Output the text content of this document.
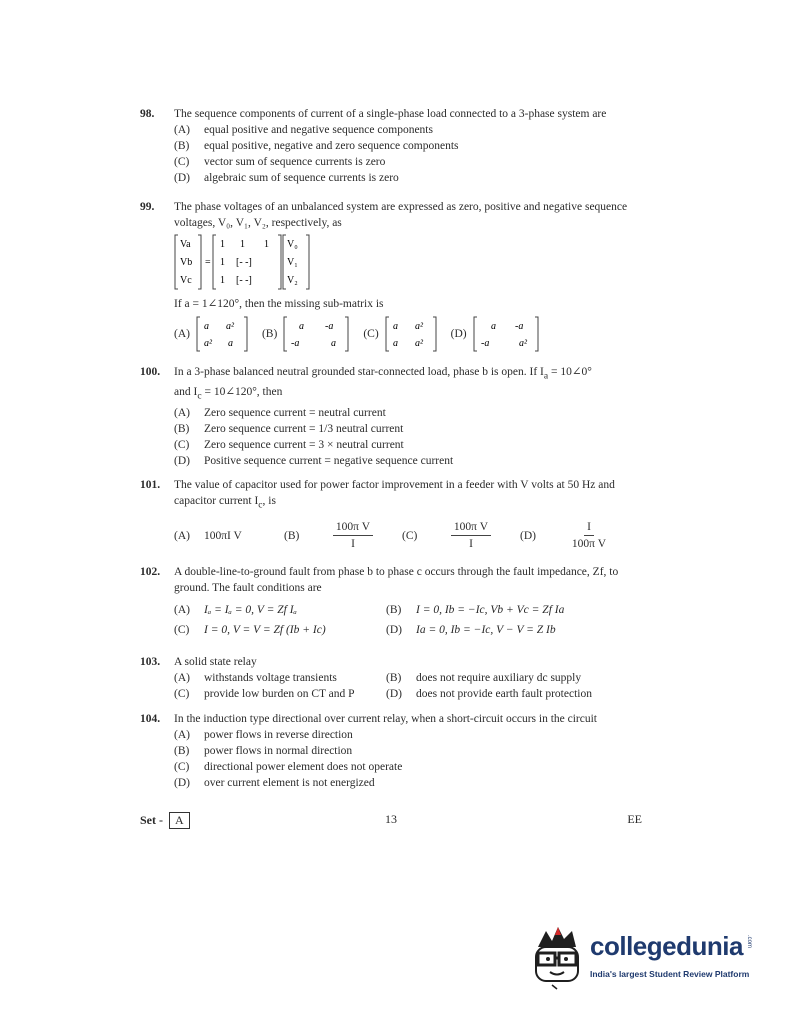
98.	The sequence components of current of a single-phase load connected to a 3-phase system are
(A)	equal positive and negative sequence components
(B)	equal positive, negative and zero sequence components
(C)	vector sum of sequence currents is zero
(D)	algebraic sum of sequence currents is zero
99.	The phase voltages of an unbalanced system are expressed as zero, positive and negative sequence voltages, V₀, V₁, V₂, respectively, as
Va
Vb
Vc
=
1 1 1
1 [- -]
1 [- -]
V₀
V₁
V₂
If a = 1∠120°, then the missing sub-matrix is
(A)
a a²
a² a
(B)
a -a
-a	a
(C)
a a²
a a²
(D)
a -a
-a	a²
100.	In a 3-phase balanced neutral grounded star-connected load, phase b is open. If $I_a$ = 10∠0°
and $I_c$ = 10∠120°, then
(A)	Zero sequence current = neutral current
(B)	Zero sequence current = 1/3 neutral current
(C)	Zero sequence current = 3 × neutral current
(D)	Positive sequence current = negative sequence current
101.	The value of capacitor used for power factor improvement in a feeder with V volts at 50 Hz and capacitor current $I_c$, is
(A)	100πI V	(B)	$\frac{\text{100π V}}{I} (C)$	$\frac{\text{100π V}}{I} (D)$	$\frac{I}{\text{100π V}}$
102.	A double-line-to-ground fault from phase b to phase c occurs through the fault impedance, Zf, to ground. The fault conditions are
(A)	Iₐ = Iₐ = 0, V = Zf Iₐ	(B)	I = 0, Ib = −Ic, Vb + Vc = Zf Ia
(C)	I = 0, V = V = Zf (Ib + Ic)	(D)	Ia = 0, Ib = −Ic, V − V = Z Ib
103.	A solid state relay
(A)	withstands voltage transients	(B)	does not require auxiliary dc supply
(C)	provide low burden on CT and P	(D)	does not provide earth fault protection
104.	In the induction type directional over current relay, when a short-circuit occurs in the circuit
(A)	power flows in reverse direction
(B)	power flows in normal direction
(C)	directional power element does not operate
(D)	over current element is not energized
Set - A	13	EE
collegedunia .com
India's largest Student Review Platform
